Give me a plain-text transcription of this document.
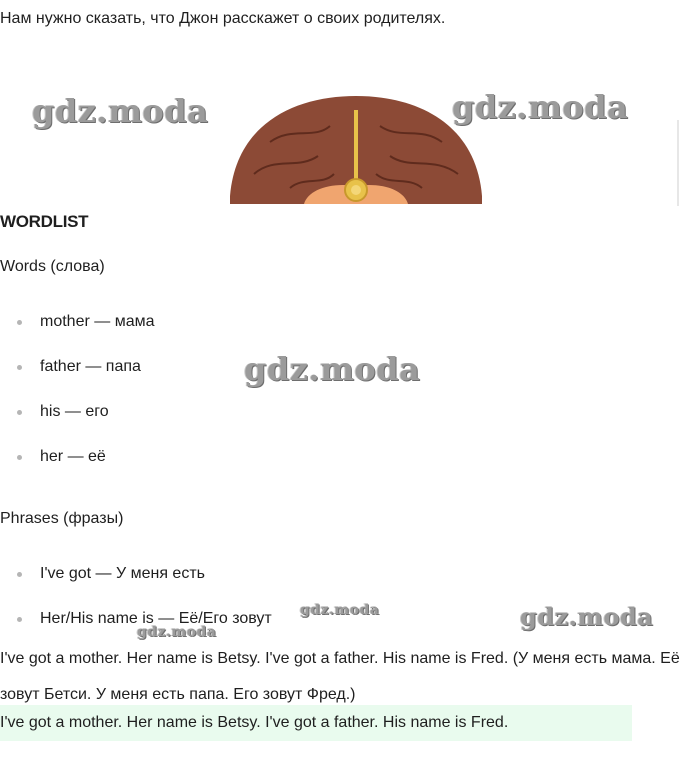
Нам нужно сказать, что Джон расскажет о своих родителях.
gdz.moda	gdz.moda
WORDLIST
Words (слова)
mother — мама
father — папа
his — его
her — её
gdz.moda
Phrases (фразы)
I've got — У меня есть
Her/His name is — Её/Его зовут gdz.moda
gdz.moda
gdz.moda
I've got a mother. Her name is Betsy. I've got a father. His name is Fred. (У меня есть мама. Её зовут Бетси. У меня есть папа. Его зовут Фред.)
I've got a mother. Her name is Betsy. I've got a father. His name is Fred.
